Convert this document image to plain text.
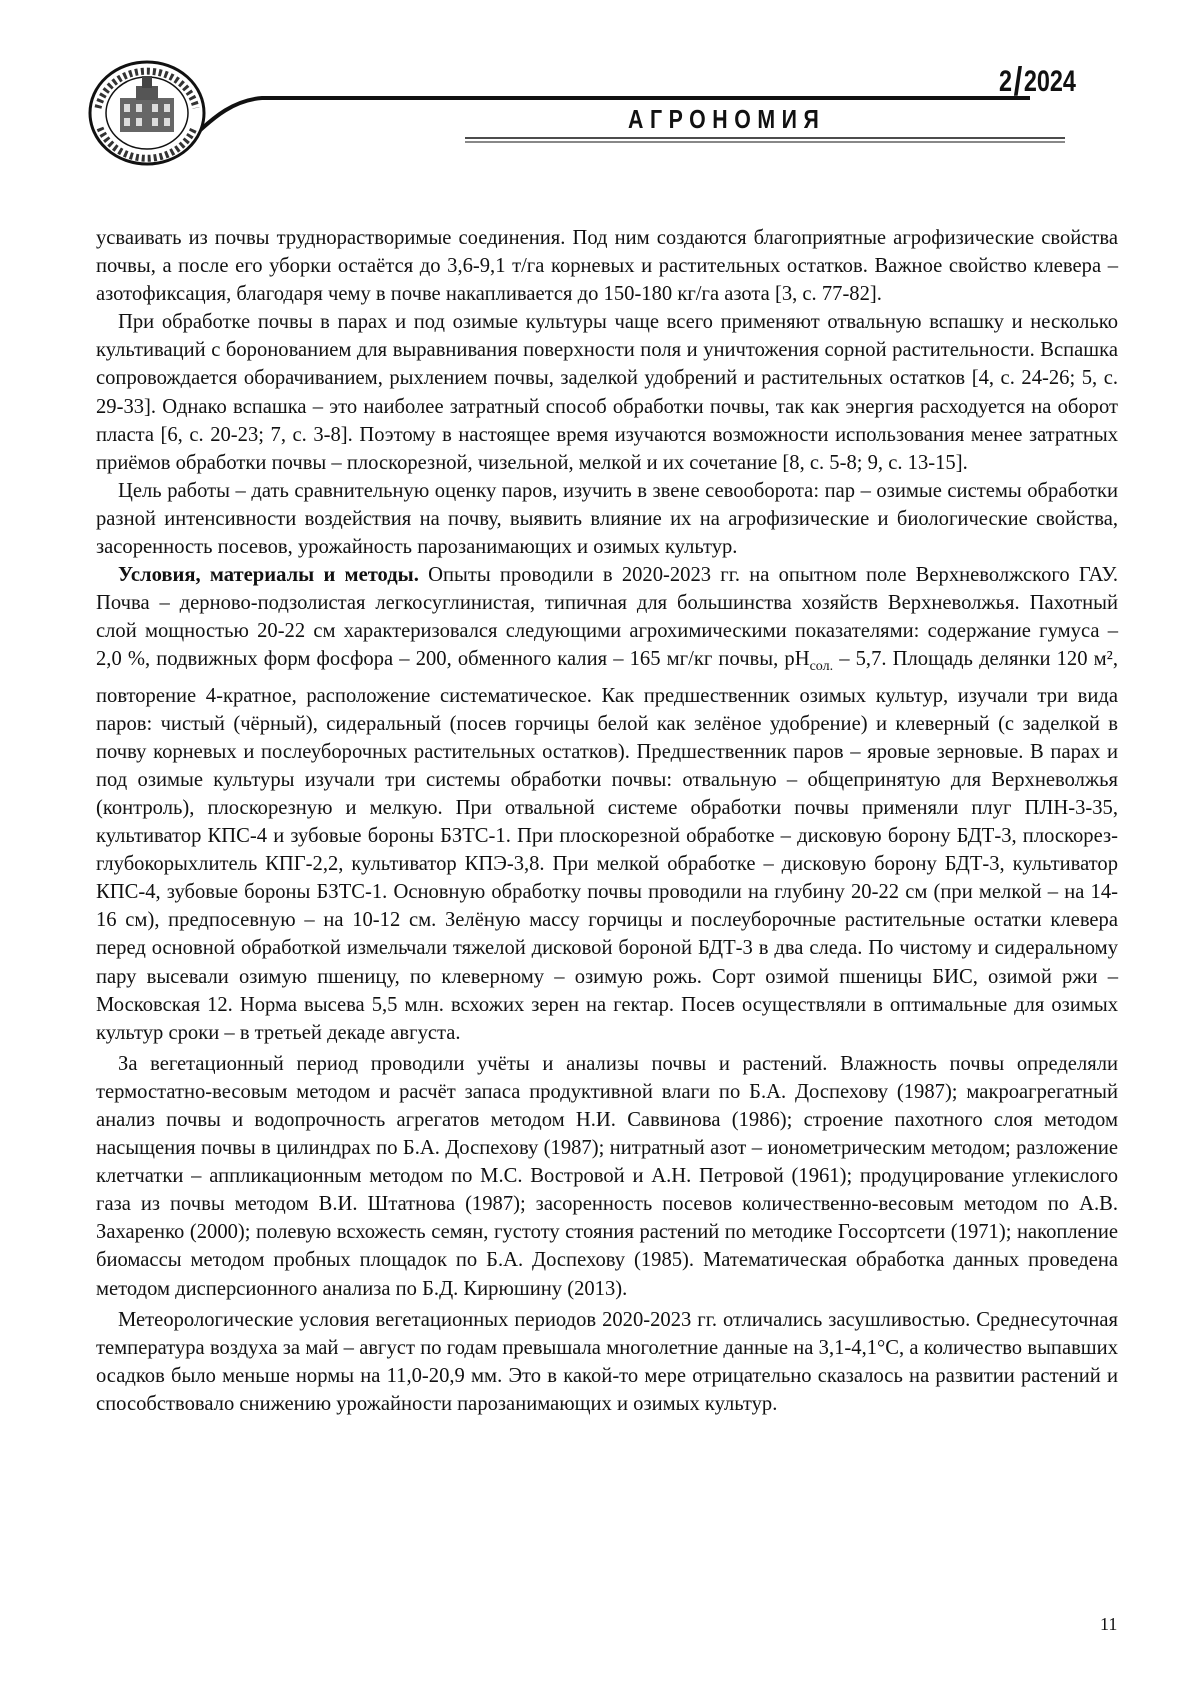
2/2024
АГРОНОМИЯ

усваивать из почвы труднорастворимые соединения. Под ним создаются благоприятные агрофизические свойства почвы, а после его уборки остаётся до 3,6-9,1 т/га корневых и растительных остатков. Важное свойство клевера – азотофиксация, благодаря чему в почве накапливается до 150-180 кг/га азота [3, с. 77-82].

При обработке почвы в парах и под озимые культуры чаще всего применяют отвальную вспашку и несколько культиваций с боронованием для выравнивания поверхности поля и уничтожения сорной растительности. Вспашка сопровождается оборачиванием, рыхлением почвы, заделкой удобрений и растительных остатков [4, с. 24-26; 5, с. 29-33]. Однако вспашка – это наиболее затратный способ обработки почвы, так как энергия расходуется на оборот пласта [6, с. 20-23; 7, с. 3-8]. Поэтому в настоящее время изучаются возможности использования менее затратных приёмов обработки почвы – плоскорезной, чизельной, мелкой и их сочетание [8, с. 5-8; 9, с. 13-15].

Цель работы – дать сравнительную оценку паров, изучить в звене севооборота: пар – озимые системы обработки разной интенсивности воздействия на почву, выявить влияние их на агрофизические и биологические свойства, засоренность посевов, урожайность парозанимающих и озимых культур.

Условия, материалы и методы. Опыты проводили в 2020-2023 гг. на опытном поле Верхневолжского ГАУ. Почва – дерново-подзолистая легкосуглинистая, типичная для большинства хозяйств Верхневолжья. Пахотный слой мощностью 20-22 см характеризовался следующими агрохимическими показателями: содержание гумуса – 2,0 %, подвижных форм фосфора – 200, обменного калия – 165 мг/кг почвы, $pH_{сол.} - 5,7$. Площадь делянки 120 м², повторение 4-кратное, расположение систематическое. Как предшественник озимых культур, изучали три вида паров: чистый (чёрный), сидеральный (посев горчицы белой как зелёное удобрение) и клеверный (с заделкой в почву корневых и послеуборочных растительных остатков). Предшественник паров – яровые зерновые. В парах и под озимые культуры изучали три системы обработки почвы: отвальную – общепринятую для Верхневолжья (контроль), плоскорезную и мелкую. При отвальной системе обработки почвы применяли плуг ПЛН-3-35, культиватор КПС-4 и зубовые бороны БЗТС-1. При плоскорезной обработке – дисковую борону БДТ-3, плоскорез-глубокорыхлитель КПГ-2,2, культиватор КПЭ-3,8. При мелкой обработке – дисковую борону БДТ-3, культиватор КПС-4, зубовые бороны БЗТС-1. Основную обработку почвы проводили на глубину 20-22 см (при мелкой – на 14-16 см), предпосевную – на 10-12 см. Зелёную массу горчицы и послеуборочные растительные остатки клевера перед основной обработкой измельчали тяжелой дисковой бороной БДТ-3 в два следа. По чистому и сидеральному пару высевали озимую пшеницу, по клеверному – озимую рожь. Сорт озимой пшеницы БИС, озимой ржи – Московская 12. Норма высева 5,5 млн. всхожих зерен на гектар. Посев осуществляли в оптимальные для озимых культур сроки – в третьей декаде августа.

За вегетационный период проводили учёты и анализы почвы и растений. Влажность почвы определяли термостатно-весовым методом и расчёт запаса продуктивной влаги по Б.А. Доспехову (1987); макроагрегатный анализ почвы и водопрочность агрегатов методом Н.И. Саввинова (1986); строение пахотного слоя методом насыщения почвы в цилиндрах по Б.А. Доспехову (1987); нитратный азот – ионометрическим методом; разложение клетчатки – аппликационным методом по М.С. Востровой и А.Н. Петровой (1961); продуцирование углекислого газа из почвы методом В.И. Штатнова (1987); засоренность посевов количественно-весовым методом по А.В. Захаренко (2000); полевую всхожесть семян, густоту стояния растений по методике Госсортсети (1971); накопление биомассы методом пробных площадок по Б.А. Доспехову (1985). Математическая обработка данных проведена методом дисперсионного анализа по Б.Д. Кирюшину (2013).

Метеорологические условия вегетационных периодов 2020-2023 гг. отличались засушливостью. Среднесуточная температура воздуха за май – август по годам превышала многолетние данные на 3,1-4,1°C, а количество выпавших осадков было меньше нормы на 11,0-20,9 мм. Это в какой-то мере отрицательно сказалось на развитии растений и способствовало снижению урожайности парозанимающих и озимых культур.

11
